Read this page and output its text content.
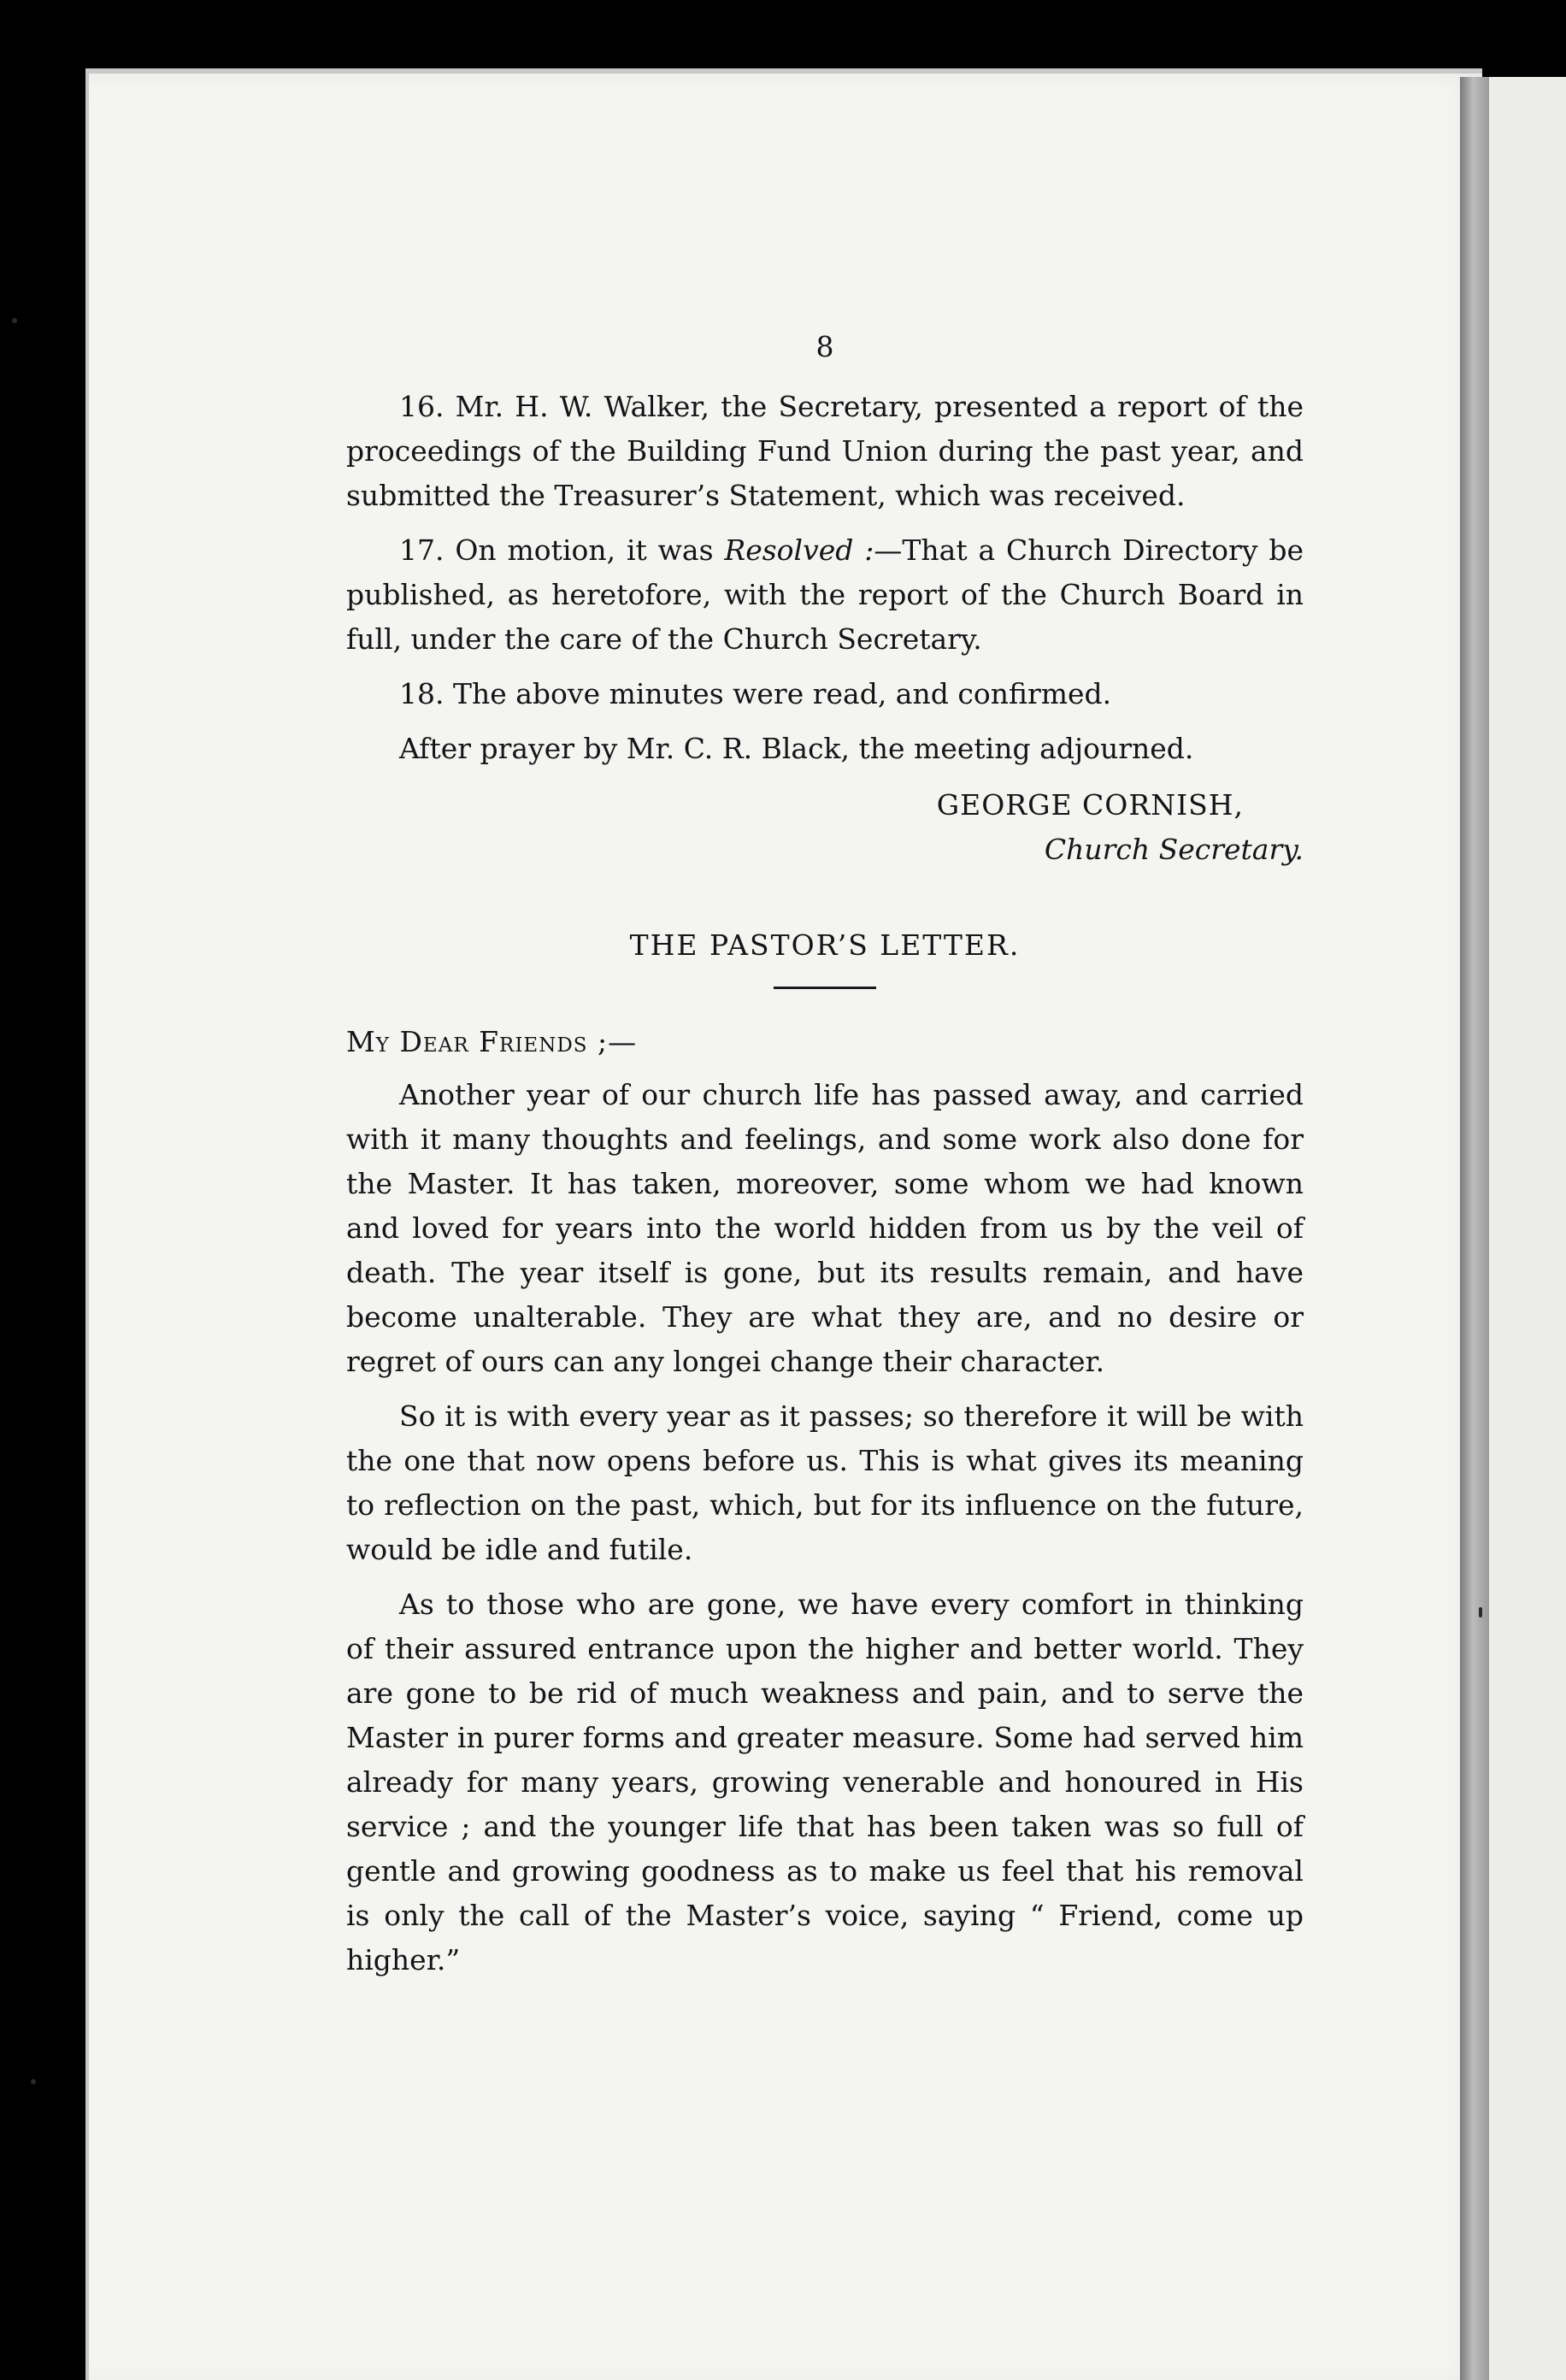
8

16. Mr. H. W. Walker, the Secretary, presented a report of the proceedings of the Building Fund Union during the past year, and submitted the Treasurer’s Statement, which was received.

17. On motion, it was Resolved :—That a Church Directory be published, as heretofore, with the report of the Church Board in full, under the care of the Church Secretary.

18. The above minutes were read, and confirmed.

After prayer by Mr. C. R. Black, the meeting adjourned.

GEORGE CORNISH,
Church Secretary.
THE PASTOR’S LETTER.
My Dear Friends ;—

Another year of our church life has passed away, and carried with it many thoughts and feelings, and some work also done for the Master. It has taken, moreover, some whom we had known and loved for years into the world hidden from us by the veil of death. The year itself is gone, but its results remain, and have become unalterable. They are what they are, and no desire or regret of ours can any longei change their character.

So it is with every year as it passes; so therefore it will be with the one that now opens before us. This is what gives its meaning to reflection on the past, which, but for its influence on the future, would be idle and futile.

As to those who are gone, we have every comfort in thinking of their assured entrance upon the higher and better world. They are gone to be rid of much weakness and pain, and to serve the Master in purer forms and greater measure. Some had served him already for many years, growing venerable and honoured in His service ; and the younger life that has been taken was so full of gentle and growing goodness as to make us feel that his removal is only the call of the Master’s voice, saying “ Friend, come up higher.”
